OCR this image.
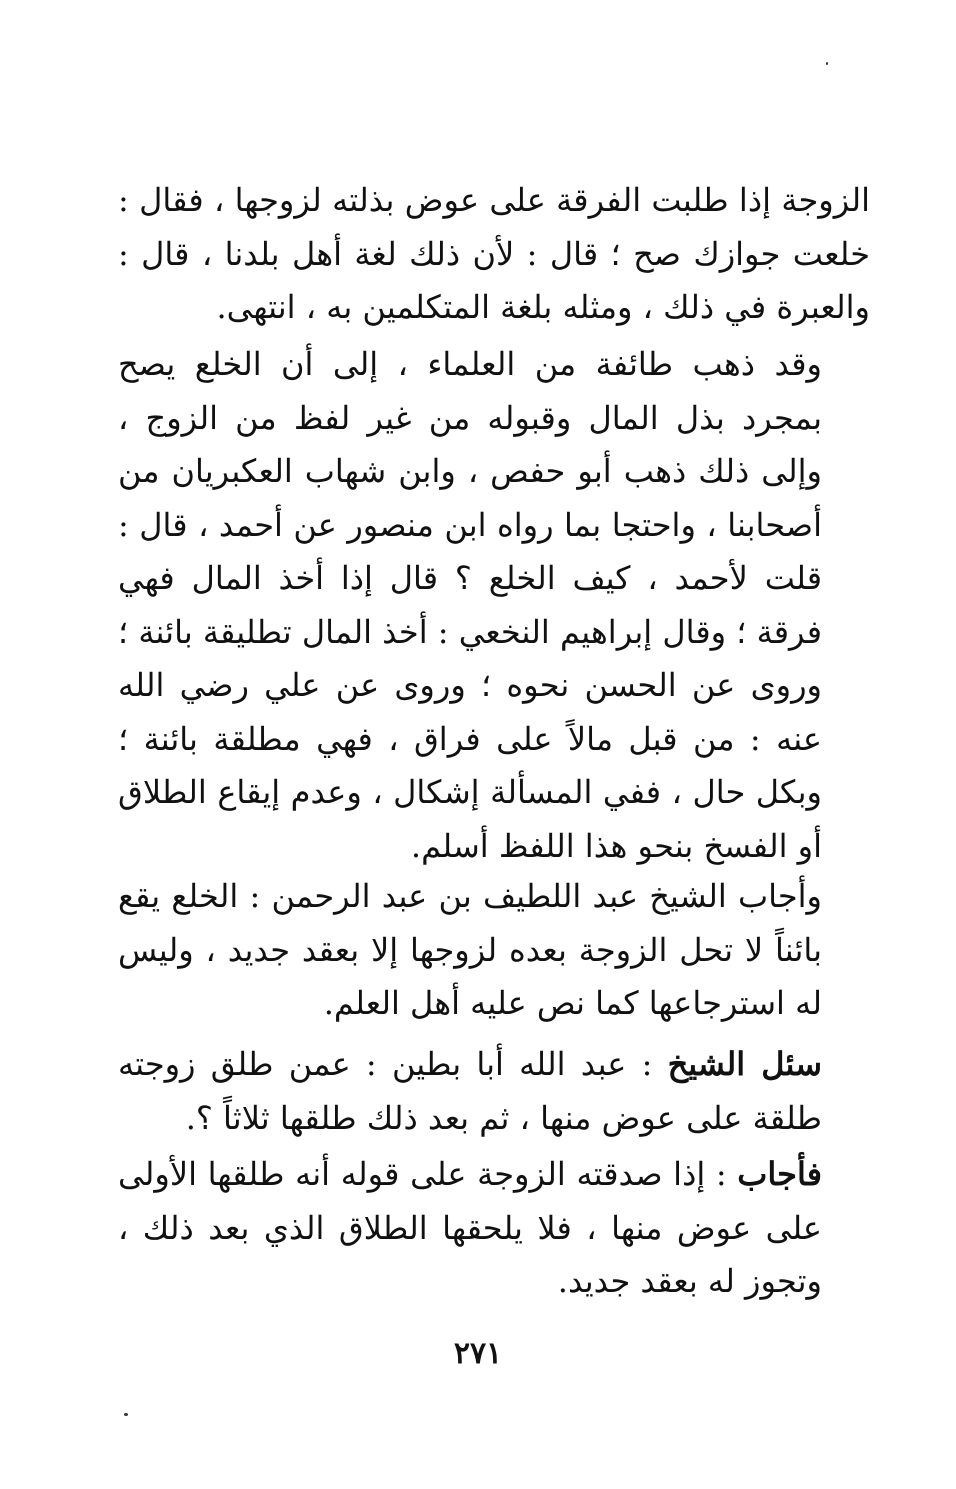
الزوجة إذا طلبت الفرقة على عوض بذلته لزوجها ، فقال : خلعت جوازك صح ؛ قال : لأن ذلك لغة أهل بلدنا ، قال : والعبرة في ذلك ، ومثله بلغة المتكلمين به ، انتهى.

وقد ذهب طائفة من العلماء ، إلى أن الخلع يصح بمجرد بذل المال وقبوله من غير لفظ من الزوج ، وإلى ذلك ذهب أبو حفص ، وابن شهاب العكبريان من أصحابنا ، واحتجا بما رواه ابن منصور عن أحمد ، قال : قلت لأحمد ، كيف الخلع ؟ قال إذا أخذ المال فهي فرقة ؛ وقال إبراهيم النخعي : أخذ المال تطليقة بائنة ؛ وروى عن الحسن نحوه ؛ وروى عن علي رضي الله عنه : من قبل مالاً على فراق ، فهي مطلقة بائنة ؛ وبكل حال ، ففي المسألة إشكال ، وعدم إيقاع الطلاق أو الفسخ بنحو هذا اللفظ أسلم.

وأجاب الشيخ عبد اللطيف بن عبد الرحمن : الخلع يقع بائناً لا تحل الزوجة بعده لزوجها إلا بعقد جديد ، وليس له استرجاعها كما نص عليه أهل العلم.

سئل الشيخ : عبد الله أبا بطين : عمن طلق زوجته طلقة على عوض منها ، ثم بعد ذلك طلقها ثلاثاً ؟.

فأجاب : إذا صدقته الزوجة على قوله أنه طلقها الأولى على عوض منها ، فلا يلحقها الطلاق الذي بعد ذلك ، وتجوز له بعقد جديد.

٢٧١
